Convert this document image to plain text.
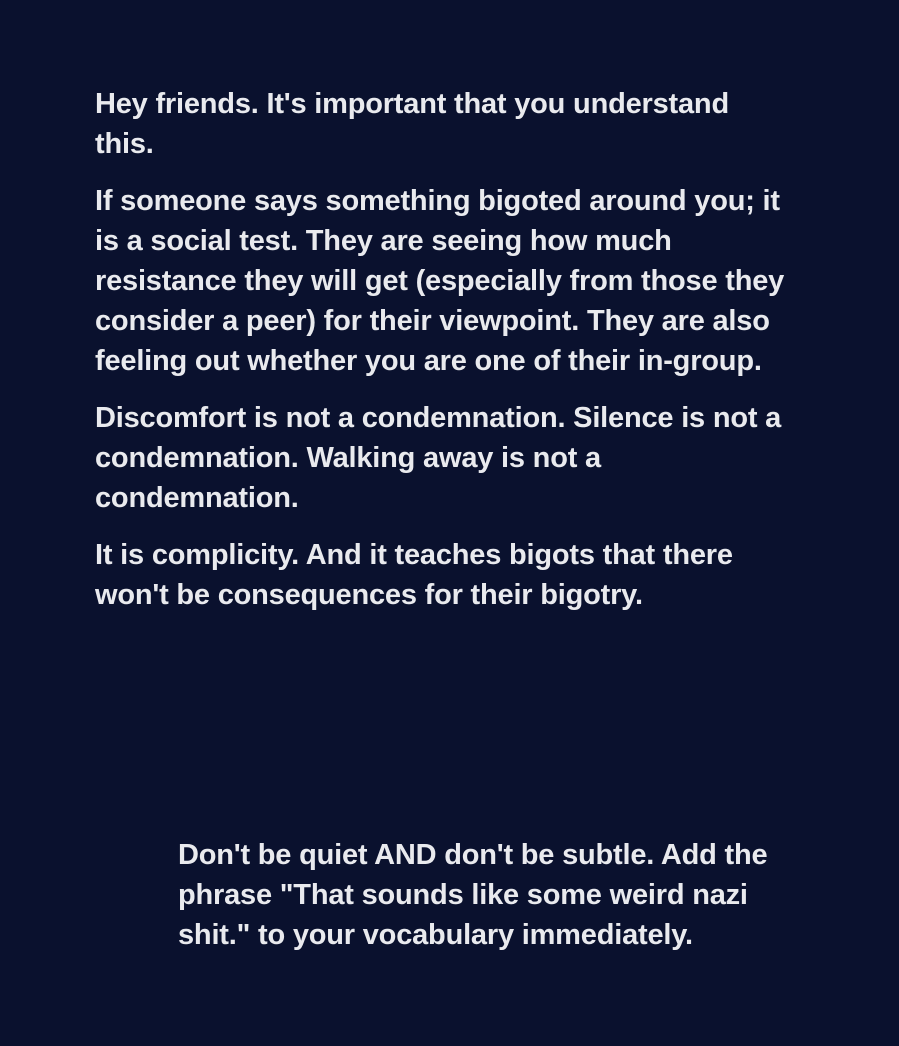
Hey friends. It's important that you understand
this.
If someone says something bigoted around you; it
is a social test. They are seeing how much
resistance they will get (especially from those they
consider a peer) for their viewpoint. They are also
feeling out whether you are one of their in-group.
Discomfort is not a condemnation. Silence is not a
condemnation. Walking away is not a
condemnation.
It is complicity. And it teaches bigots that there
won't be consequences for their bigotry.
Don't be quiet AND don't be subtle. Add the
phrase "That sounds like some weird nazi
shit." to your vocabulary immediately.
